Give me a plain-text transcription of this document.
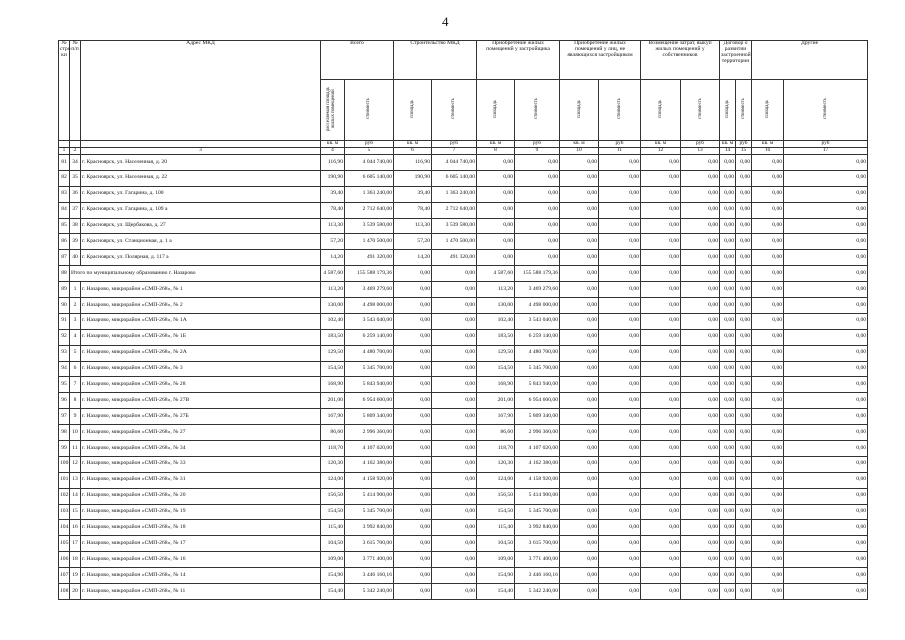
4
№ стро ки	№ п/п	Адрес МКД	Всего		Строительство МКД		Приобретение жилых помещений у застройщика		Приобретение жилых помещений у лиц, не являющихся застройщиком		Возмещение затрат, выкуп жилых помещений у собственников		Договор о развитии застроенной территории		Другие	
			расселяемая площадь жилых помещений	стоимость	площадь	стоимость	площадь	стоимость	площадь	стоимость	площадь	стоимость	площадь	стоимость	площадь	стоимость
			кв. м	руб	кв. м	руб	кв. м	руб	кв. м	руб	кв. м	руб	кв. м	руб	кв. м	руб
1	2	3	4	5	6	7	8	9	10	11	12	13	14	15	16	17
81	34	г. Красноярск, ул. Населенная, д. 20	116,90	4 044 740,00	116,90	4 044 740,00	0,00	0,00	0,00	0,00	0,00	0,00	0,00	0,00	0,00	0,00
82	35	г. Красноярск, ул. Населенная, д. 22	190,90	6 605 140,00	190,90	6 605 140,00	0,00	0,00	0,00	0,00	0,00	0,00	0,00	0,00	0,00	0,00
83	36	г. Красноярск, ул. Гагарина, д. 100	39,40	1 363 240,00	39,40	1 363 240,00	0,00	0,00	0,00	0,00	0,00	0,00	0,00	0,00	0,00	0,00
84	37	г. Красноярск, ул. Гагарина, д. 109 а	78,40	2 712 640,00	78,40	2 712 640,00	0,00	0,00	0,00	0,00	0,00	0,00	0,00	0,00	0,00	0,00
85	38	г. Красноярск, ул. Щербакова, д. 27	113,30	3 539 580,00	113,30	3 539 580,00	0,00	0,00	0,00	0,00	0,00	0,00	0,00	0,00	0,00	0,00
86	39	г. Красноярск, ул. Станционная, д. 1 а	57,20	1 470 500,00	57,20	1 470 500,00	0,00	0,00	0,00	0,00	0,00	0,00	0,00	0,00	0,00	0,00
87	40	г. Красноярск, ул. Полярная, д. 117 а	14,20	491 320,00	14,20	491 320,00	0,00	0,00	0,00	0,00	0,00	0,00	0,00	0,00	0,00	0,00
88	Итого по муниципальному образованию г. Назарово		4 587,60	155 588 179,36	0,00	0,00	4 587,60	155 588 179,36	0,00	0,00	0,00	0,00	0,00	0,00	0,00	0,00
89	1	г. Назарово, микрорайон «СМП-268», № 1	113,20	3 469 279,60	0,00	0,00	113,20	3 469 279,60	0,00	0,00	0,00	0,00	0,00	0,00	0,00	0,00
90	2	г. Назарово, микрорайон «СМП-268», № 2	130,00	4 498 000,00	0,00	0,00	130,00	4 498 000,00	0,00	0,00	0,00	0,00	0,00	0,00	0,00	0,00
91	3	г. Назарово, микрорайон «СМП-268», № 1А	102,40	3 543 040,00	0,00	0,00	102,40	3 543 040,00	0,00	0,00	0,00	0,00	0,00	0,00	0,00	0,00
92	4	г. Назарово, микрорайон «СМП-268», № 1Б	183,50	6 259 140,00	0,00	0,00	183,50	6 259 140,00	0,00	0,00	0,00	0,00	0,00	0,00	0,00	0,00
93	5	г. Назарово, микрорайон «СМП-268», № 2А	129,50	4 480 700,00	0,00	0,00	129,50	4 480 700,00	0,00	0,00	0,00	0,00	0,00	0,00	0,00	0,00
94	6	г. Назарово, микрорайон «СМП-268», № 3	154,50	5 345 700,00	0,00	0,00	154,50	5 345 700,00	0,00	0,00	0,00	0,00	0,00	0,00	0,00	0,00
95	7	г. Назарово, микрорайон «СМП-268», № 28	168,90	5 843 940,00	0,00	0,00	168,90	5 843 940,00	0,00	0,00	0,00	0,00	0,00	0,00	0,00	0,00
96	8	г. Назарово, микрорайон «СМП-268», № 27В	201,00	6 954 600,00	0,00	0,00	201,00	6 954 600,00	0,00	0,00	0,00	0,00	0,00	0,00	0,00	0,00
97	9	г. Назарово, микрорайон «СМП-268», № 27Б	167,90	5 809 340,00	0,00	0,00	167,90	5 809 340,00	0,00	0,00	0,00	0,00	0,00	0,00	0,00	0,00
98	10	г. Назарово, микрорайон «СМП-268», № 27	86,60	2 996 360,00	0,00	0,00	86,60	2 996 360,00	0,00	0,00	0,00	0,00	0,00	0,00	0,00	0,00
99	11	г. Назарово, микрорайон «СМП-268», № 34	118,70	4 107 020,00	0,00	0,00	118,70	4 107 020,00	0,00	0,00	0,00	0,00	0,00	0,00	0,00	0,00
100	12	г. Назарово, микрорайон «СМП-268», № 33	120,30	4 162 380,00	0,00	0,00	120,30	4 162 380,00	0,00	0,00	0,00	0,00	0,00	0,00	0,00	0,00
101	13	г. Назарово, микрорайон «СМП-268», № 31	124,00	4 158 920,00	0,00	0,00	124,00	4 158 920,00	0,00	0,00	0,00	0,00	0,00	0,00	0,00	0,00
102	14	г. Назарово, микрорайон «СМП-268», № 20	156,50	5 414 900,00	0,00	0,00	156,50	5 414 900,00	0,00	0,00	0,00	0,00	0,00	0,00	0,00	0,00
103	15	г. Назарово, микрорайон «СМП-268», № 19	154,50	5 345 700,00	0,00	0,00	154,50	5 345 700,00	0,00	0,00	0,00	0,00	0,00	0,00	0,00	0,00
104	16	г. Назарово, микрорайон «СМП-268», № 18	115,40	3 992 840,00	0,00	0,00	115,40	3 992 840,00	0,00	0,00	0,00	0,00	0,00	0,00	0,00	0,00
105	17	г. Назарово, микрорайон «СМП-268», № 17	104,50	3 615 700,00	0,00	0,00	104,50	3 615 700,00	0,00	0,00	0,00	0,00	0,00	0,00	0,00	0,00
106	18	г. Назарово, микрорайон «СМП-268», № 16	109,00	3 771 400,00	0,00	0,00	109,00	3 771 400,00	0,00	0,00	0,00	0,00	0,00	0,00	0,00	0,00
107	19	г. Назарово, микрорайон «СМП-268», № 14	154,90	3 446 160,16	0,00	0,00	154,90	3 446 160,16	0,00	0,00	0,00	0,00	0,00	0,00	0,00	0,00
108	20	г. Назарово, микрорайон «СМП-268», № 11	154,40	5 342 240,00	0,00	0,00	154,40	5 342 240,00	0,00	0,00	0,00	0,00	0,00	0,00	0,00	0,00
